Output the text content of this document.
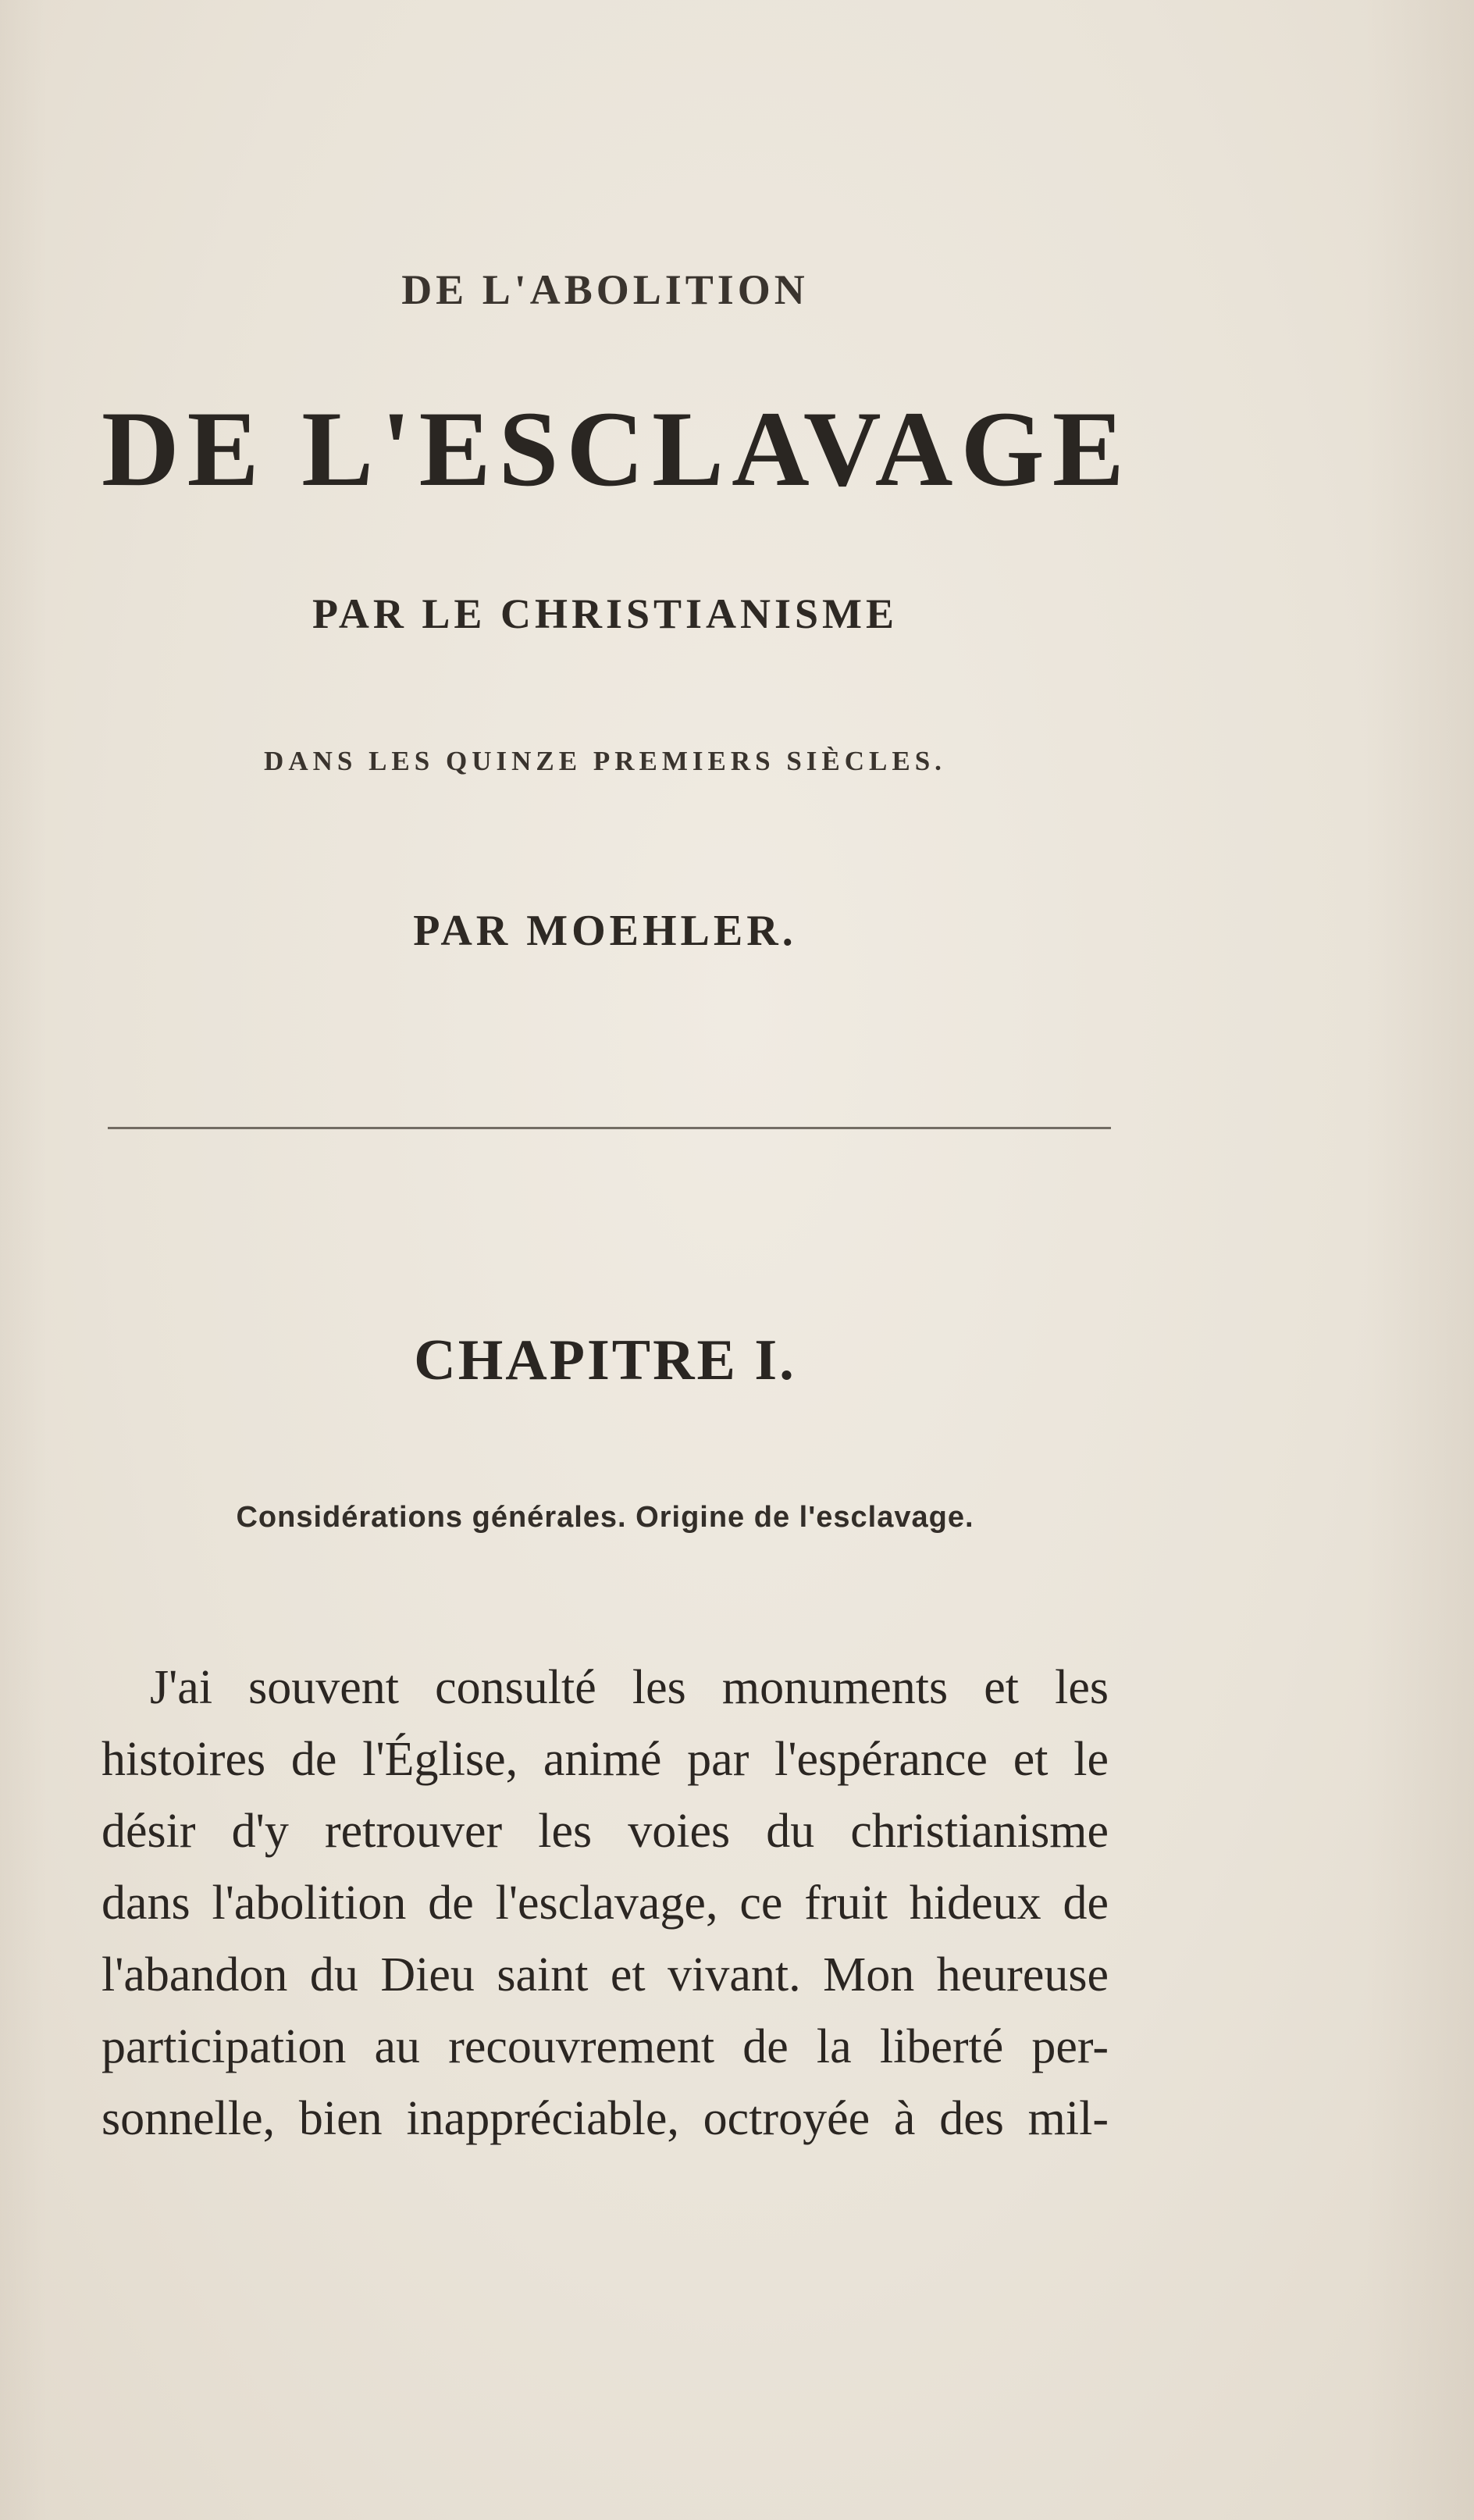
DE L'ABOLITION
DE L'ESCLAVAGE
PAR LE CHRISTIANISME
DANS LES QUINZE PREMIERS SIÈCLES.
PAR MOEHLER.
CHAPITRE I.

Considérations générales. Origine de l'esclavage.

J'ai souvent consulté les monuments et les
histoires de l'Église, animé par l'espérance et le
désir d'y retrouver les voies du christianisme
dans l'abolition de l'esclavage, ce fruit hideux de
l'abandon du Dieu saint et vivant. Mon heureuse
participation au recouvrement de la liberté per-
sonnelle, bien inappréciable, octroyée à des mil-
